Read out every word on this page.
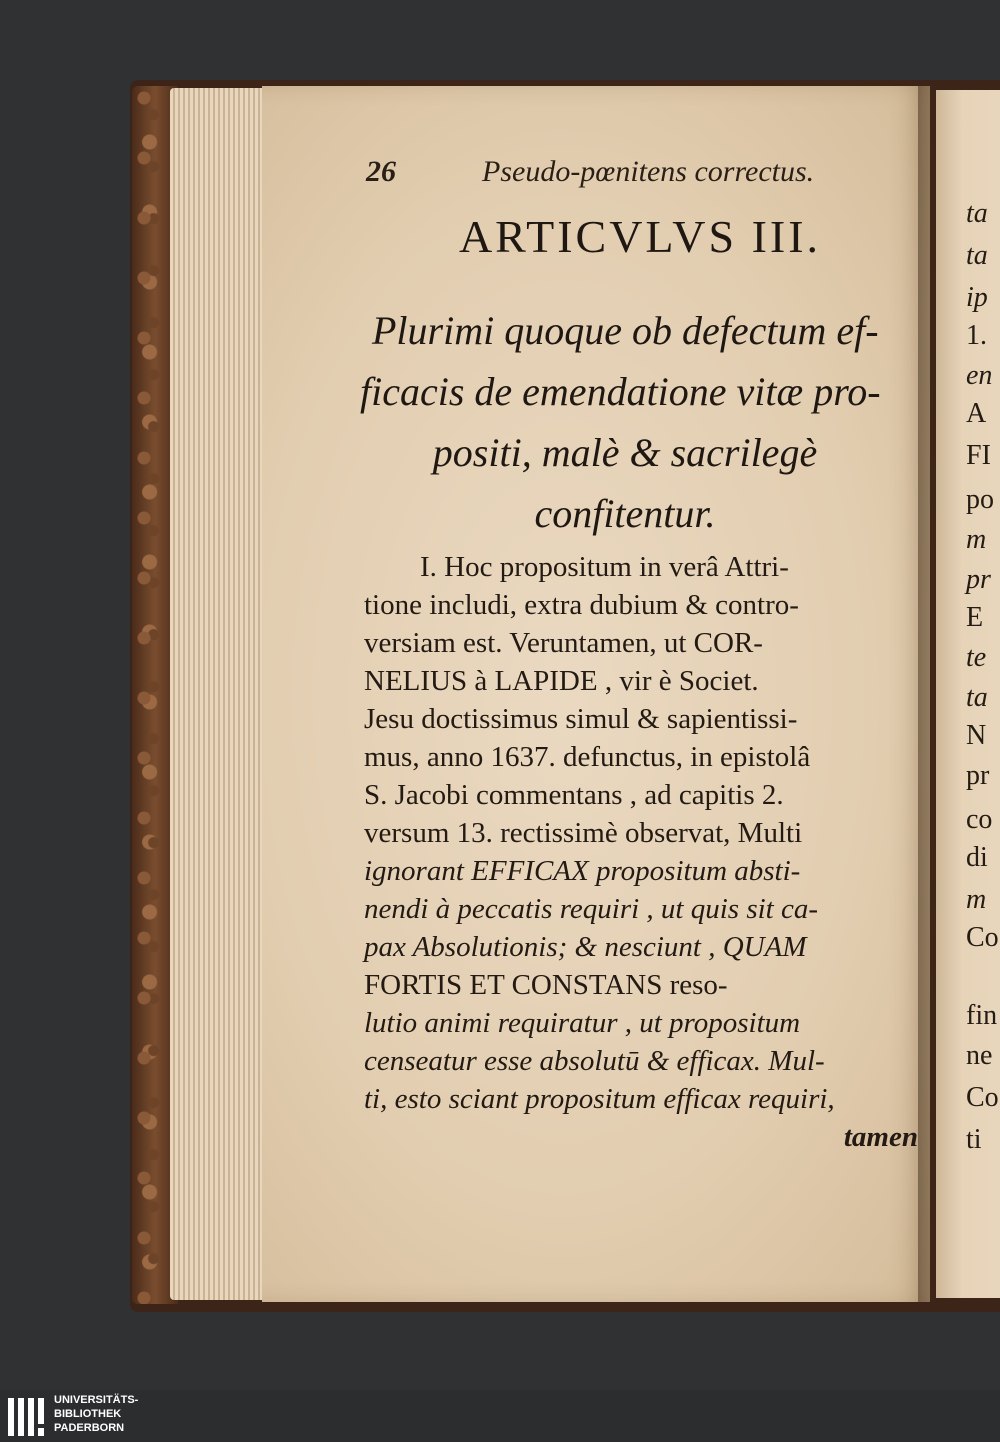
26	Pseudo-pœnitens correctus.
ARTICVLVS III.
Plurimi quoque ob defectum ef-
ficacis de emendatione vitæ pro-
positi, malè & sacrilegè
confitentur.
I. Hoc propositum in verâ Attri-
tione includi, extra dubium & contro-
versiam est. Veruntamen, ut COR-
NELIUS à LAPIDE , vir è Societ.
Jesu doctissimus simul & sapientissi-
mus, anno 1637. defunctus, in epistolâ
S. Jacobi commentans , ad capitis 2.
versum 13. rectissimè observat, Multi
ignorant EFFICAX propositum absti-
nendi à peccatis requiri , ut quis sit ca-
pax Absolutionis; & nesciunt , QUAM
FORTIS ET CONSTANS reso-
lutio animi requiratur , ut propositum
censeatur esse absolutū & efficax. Mul-
ti, esto sciant propositum efficax requiri,
tamen
ta
ta
ip
1.
en
A
FI
po
m
pr
E
te
ta
N
pr
co
di
m
Co
fin
ne
Co
ti
UNIVERSITÄTS-
BIBLIOTHEK
PADERBORN
